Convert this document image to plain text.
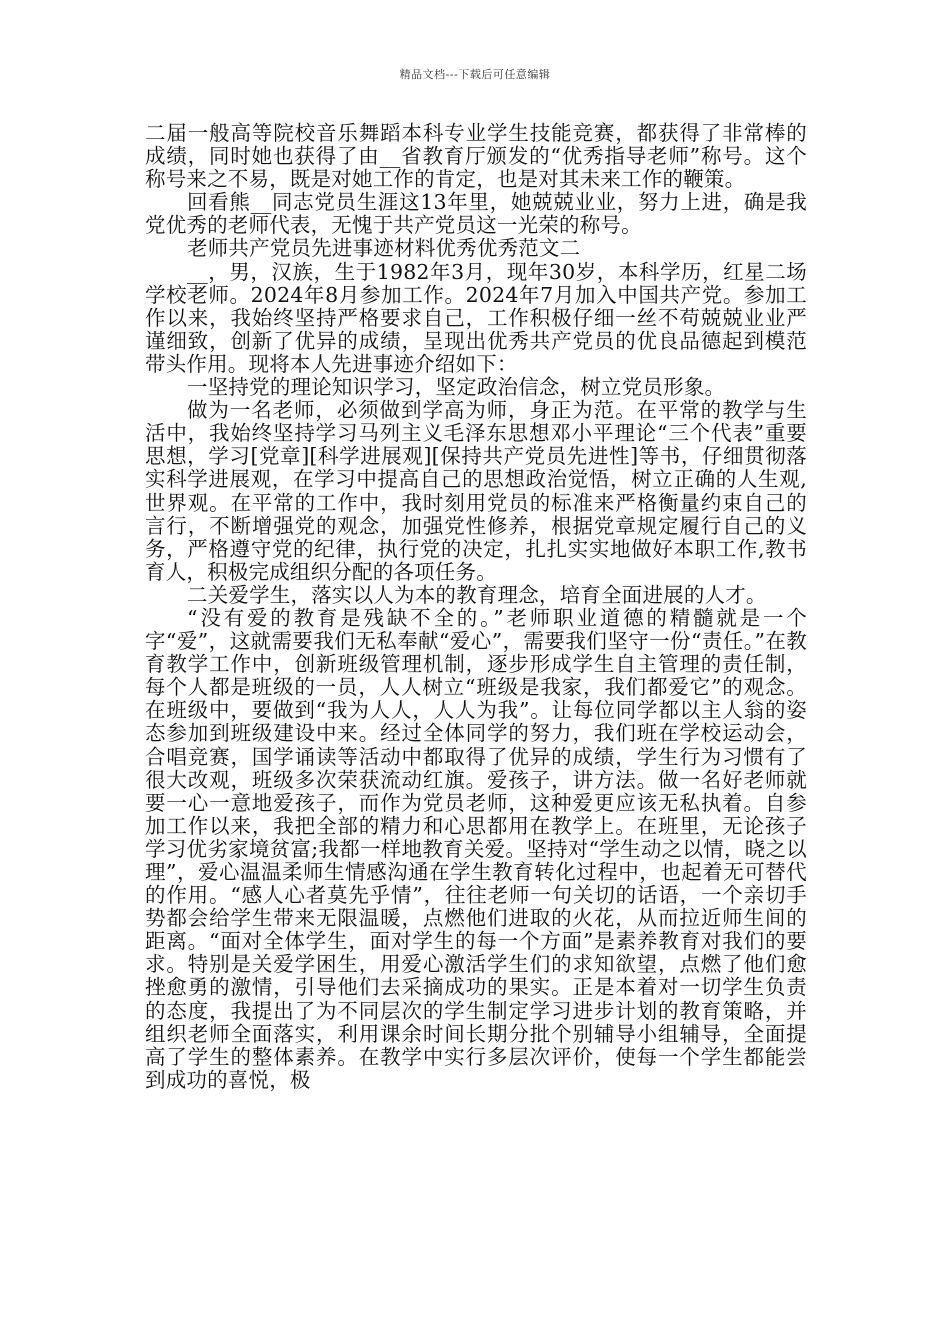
精品文档---下载后可任意编辑

二届一般高等院校音乐舞蹈本科专业学生技能竞赛，都获得了非常棒的成绩，同时她也获得了由__省教育厅颁发的“优秀指导老师”称号。这个称号来之不易，既是对她工作的肯定，也是对其未来工作的鞭策。

回看熊__同志党员生涯这13年里，她兢兢业业，努力上进，确是我党优秀的老师代表，无愧于共产党员这一光荣的称号。

老师共产党员先进事迹材料优秀优秀范文二

__，男，汉族，生于1982年3月，现年30岁，本科学历，红星二场学校老师。2024年8月参加工作。2024年7月加入中国共产党。参加工作以来，我始终坚持严格要求自己，工作积极仔细一丝不苟兢兢业业严谨细致，创新了优异的成绩，呈现出优秀共产党员的优良品德起到模范带头作用。现将本人先进事迹介绍如下：

一坚持党的理论知识学习，坚定政治信念，树立党员形象。

做为一名老师，必须做到学高为师，身正为范。在平常的教学与生活中，我始终坚持学习马列主义毛泽东思想邓小平理论“三个代表”重要思想，学习[党章][科学进展观][保持共产党员先进性]等书，仔细贯彻落实科学进展观，在学习中提高自己的思想政治觉悟，树立正确的人生观,世界观。在平常的工作中，我时刻用党员的标准来严格衡量约束自己的言行，不断增强党的观念，加强党性修养，根据党章规定履行自己的义务，严格遵守党的纪律，执行党的决定，扎扎实实地做好本职工作,教书育人，积极完成组织分配的各项任务。

二关爱学生，落实以人为本的教育理念，培育全面进展的人才。

“没有爱的教育是残缺不全的。”老师职业道德的精髓就是一个字“爱”，这就需要我们无私奉献“爱心”，需要我们坚守一份“责任。”在教育教学工作中，创新班级管理机制，逐步形成学生自主管理的责任制，每个人都是班级的一员，人人树立“班级是我家，我们都爱它”的观念。在班级中，要做到“我为人人，人人为我”。让每位同学都以主人翁的姿态参加到班级建设中来。经过全体同学的努力，我们班在学校运动会，合唱竞赛，国学诵读等活动中都取得了优异的成绩，学生行为习惯有了很大改观，班级多次荣获流动红旗。爱孩子，讲方法。做一名好老师就要一心一意地爱孩子，而作为党员老师，这种爱更应该无私执着。自参加工作以来，我把全部的精力和心思都用在教学上。在班里，无论孩子学习优劣家境贫富;我都一样地教育关爱。坚持对“学生动之以情，晓之以理”，爱心温温柔师生情感沟通在学生教育转化过程中，也起着无可替代的作用。“感人心者莫先乎情”，往往老师一句关切的话语，一个亲切手势都会给学生带来无限温暖，点燃他们进取的火花，从而拉近师生间的距离。“面对全体学生，面对学生的每一个方面”是素养教育对我们的要求。特别是关爱学困生，用爱心激活学生们的求知欲望，点燃了他们愈挫愈勇的激情，引导他们去采摘成功的果实。正是本着对一切学生负责的态度，我提出了为不同层次的学生制定学习进步计划的教育策略，并组织老师全面落实，利用课余时间长期分批个别辅导小组辅导，全面提高了学生的整体素养。在教学中实行多层次评价，使每一个学生都能尝到成功的喜悦，极
